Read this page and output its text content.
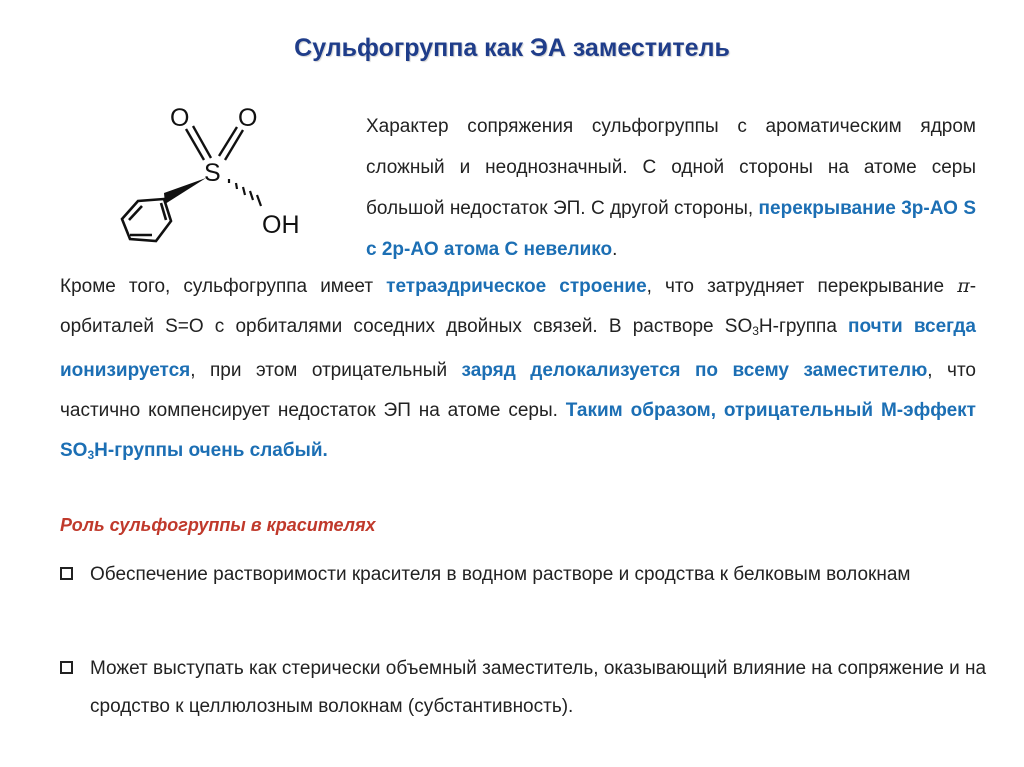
Сульфогруппа как ЭА заместитель
O O
S
OH
Характер сопряжения сульфогруппы с ароматическим ядром сложный и неоднозначный. С одной стороны на атоме серы большой недостаток ЭП. С другой стороны, перекрывание 3р-АО S с 2р-АО атома С невелико.
Кроме того, сульфогруппа имеет тетраэдрическое строение, что затрудняет перекрывание π-орбиталей S=O с орбиталями соседних двойных связей. В растворе $SO_3H$-группа почти всегда ионизируется, при этом отрицательный заряд делокализуется по всему заместителю, что частично компенсирует недостаток ЭП на атоме серы. Таким образом, отрицательный М-эффект $SO_3H$-группы очень слабый.
Роль сульфогруппы в красителях
Обеспечение растворимости красителя в водном растворе и сродства к белковым волокнам
Может выступать как стерически объемный заместитель, оказывающий влияние на сопряжение и на сродство к целлюлозным волокнам (субстантивность).
